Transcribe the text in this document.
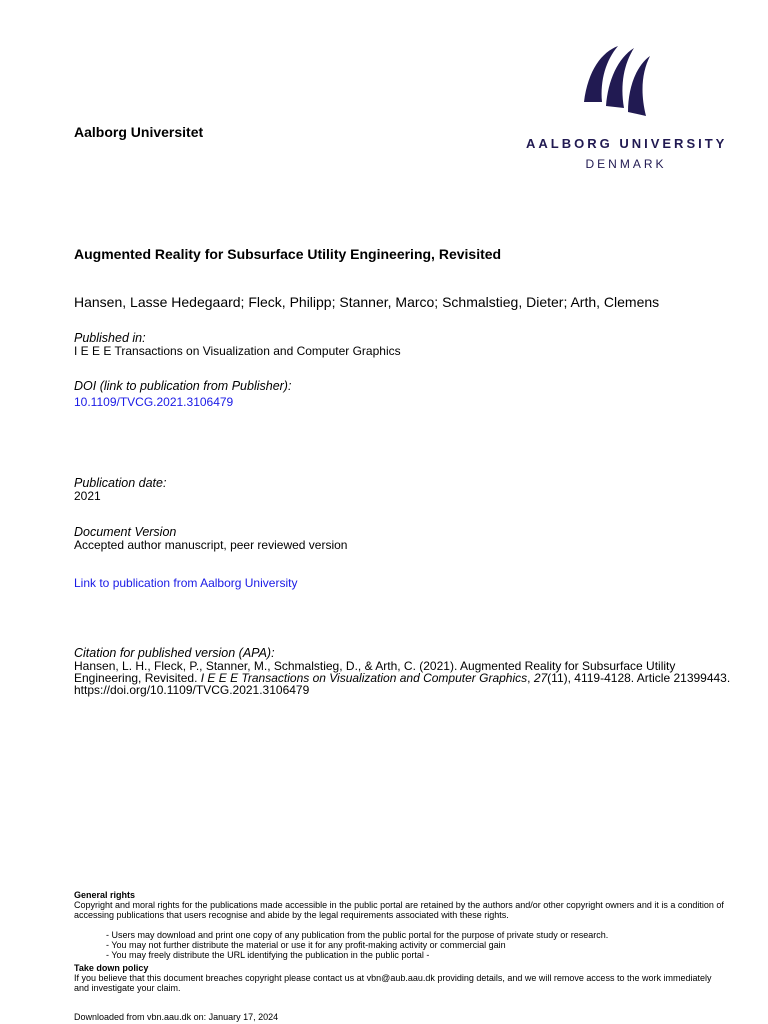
AALBORG UNIVERSITY
DENMARK
Aalborg Universitet
Augmented Reality for Subsurface Utility Engineering, Revisited
Hansen, Lasse Hedegaard; Fleck, Philipp; Stanner, Marco; Schmalstieg, Dieter; Arth, Clemens
Published in:
I E E E Transactions on Visualization and Computer Graphics
DOI (link to publication from Publisher):
10.1109/TVCG.2021.3106479
Publication date:
2021
Document Version
Accepted author manuscript, peer reviewed version
Link to publication from Aalborg University
Citation for published version (APA):
Hansen, L. H., Fleck, P., Stanner, M., Schmalstieg, D., & Arth, C. (2021). Augmented Reality for Subsurface Utility Engineering, Revisited. I E E E Transactions on Visualization and Computer Graphics, 27(11), 4119-4128. Article 21399443. https://doi.org/10.1109/TVCG.2021.3106479
General rights
Copyright and moral rights for the publications made accessible in the public portal are retained by the authors and/or other copyright owners and it is a condition of accessing publications that users recognise and abide by the legal requirements associated with these rights.
- Users may download and print one copy of any publication from the public portal for the purpose of private study or research.
- You may not further distribute the material or use it for any profit-making activity or commercial gain
- You may freely distribute the URL identifying the publication in the public portal -
Take down policy
If you believe that this document breaches copyright please contact us at vbn@aub.aau.dk providing details, and we will remove access to the work immediately and investigate your claim.
Downloaded from vbn.aau.dk on: January 17, 2024
